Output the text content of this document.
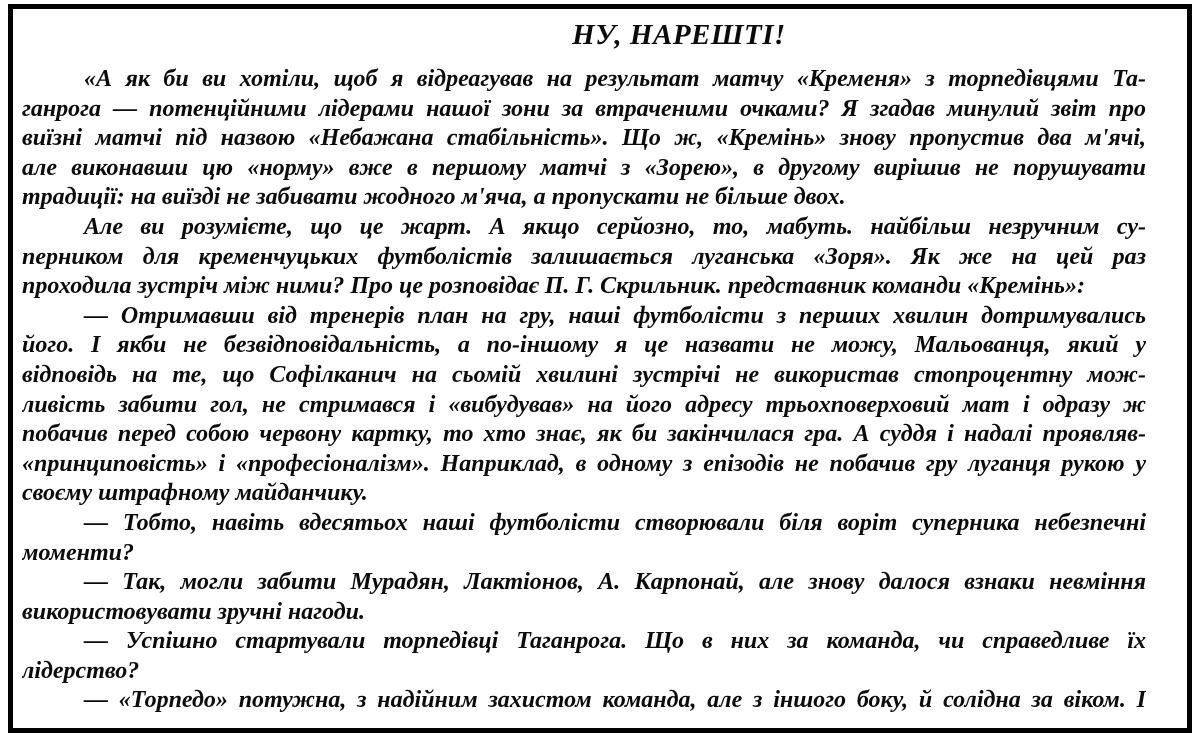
НУ, НАРЕШТІ!
«А як би ви хотіли, щоб я відреагував на результат матчу «Кременя» з торпедівцями Та-
ганрога — потенційними лідерами нашої зони за втраченими очками? Я згадав минулий звіт про
виїзні матчі під назвою «Небажана стабільність». Що ж, «Кремінь» знову пропустив два м'ячі,
але виконавши цю «норму» вже в першому матчі з «Зорею», в другому вирішив не порушувати
традиції: на виїзді не забивати жодного м'яча, а пропускати не більше двох.
Але ви розумієте, що це жарт. А якщо серйозно, то, мабуть. найбільш незручним су-
перником для кременчуцьких футболістів залишається луганська «Зоря». Як же на цей раз
проходила зустріч між ними? Про це розповідає П. Г. Скрильник. представник команди «Кремінь»:
— Отримавши від тренерів план на гру, наші футболісти з перших хвилин дотримувались
його. І якби не безвідповідальність, а по-іншому я це назвати не можу, Мальованця, який у
відповідь на те, що Софілканич на сьомій хвилині зустрічі не використав стопроцентну мож-
ливість забити гол, не стримався і «вибудував» на його адресу трьохповерховий мат і одразу ж
побачив перед собою червону картку, то хто знає, як би закінчилася гра. А суддя і надалі проявляв-
«принциповість» і «професіоналізм». Наприклад, в одному з епізодів не побачив гру луганця рукою у
своєму штрафному майданчику.
— Тобто, навіть вдесятьох наші футболісти створювали біля воріт суперника небезпечні
моменти?
— Так, могли забити Мурадян, Лактіонов, А. Карпонай, але знову далося взнаки невміння
використовувати зручні нагоди.
— Успішно стартували торпедівці Таганрога. Що в них за команда, чи справедливе їх
лідерство?
— «Торпедо» потужна, з надійним захистом команда, але з іншого боку, й солідна за віком. І
